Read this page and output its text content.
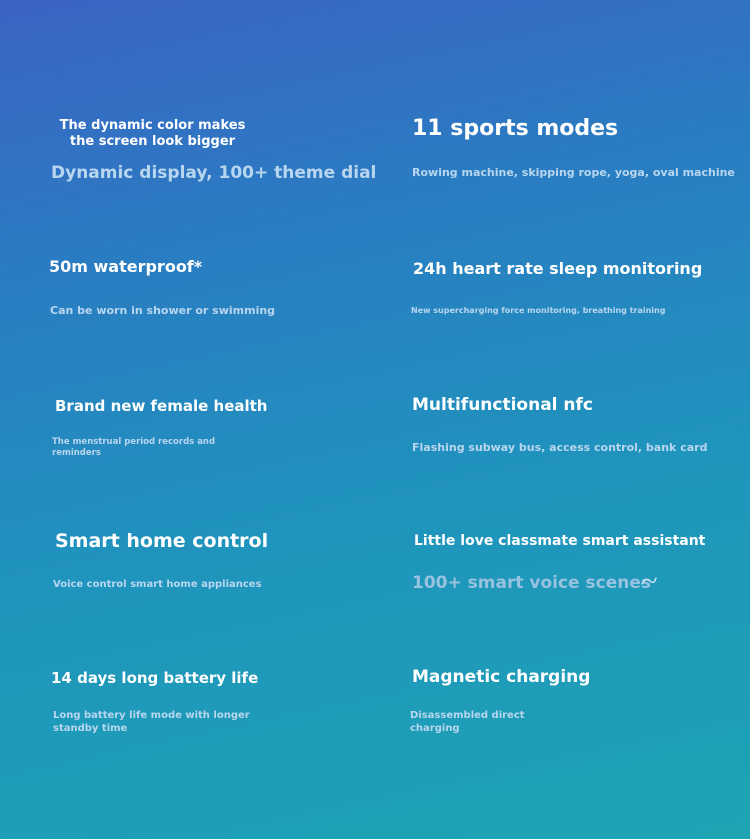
The dynamic color makes the screen look bigger
Dynamic display, 100+ theme dial
11 sports modes
Rowing machine, skipping rope, yoga, oval machine
50m waterproof*
Can be worn in shower or swimming
24h heart rate sleep monitoring
New supercharging force monitoring, breathing training
Brand new female health
The menstrual period records and reminders
Multifunctional nfc
Flashing subway bus, access control, bank card
Smart home control
Voice control smart home appliances
Little love classmate smart assistant
100+ smart voice scenes
14 days long battery life
Long battery life mode with longer standby time
Magnetic charging
Disassembled direct charging
